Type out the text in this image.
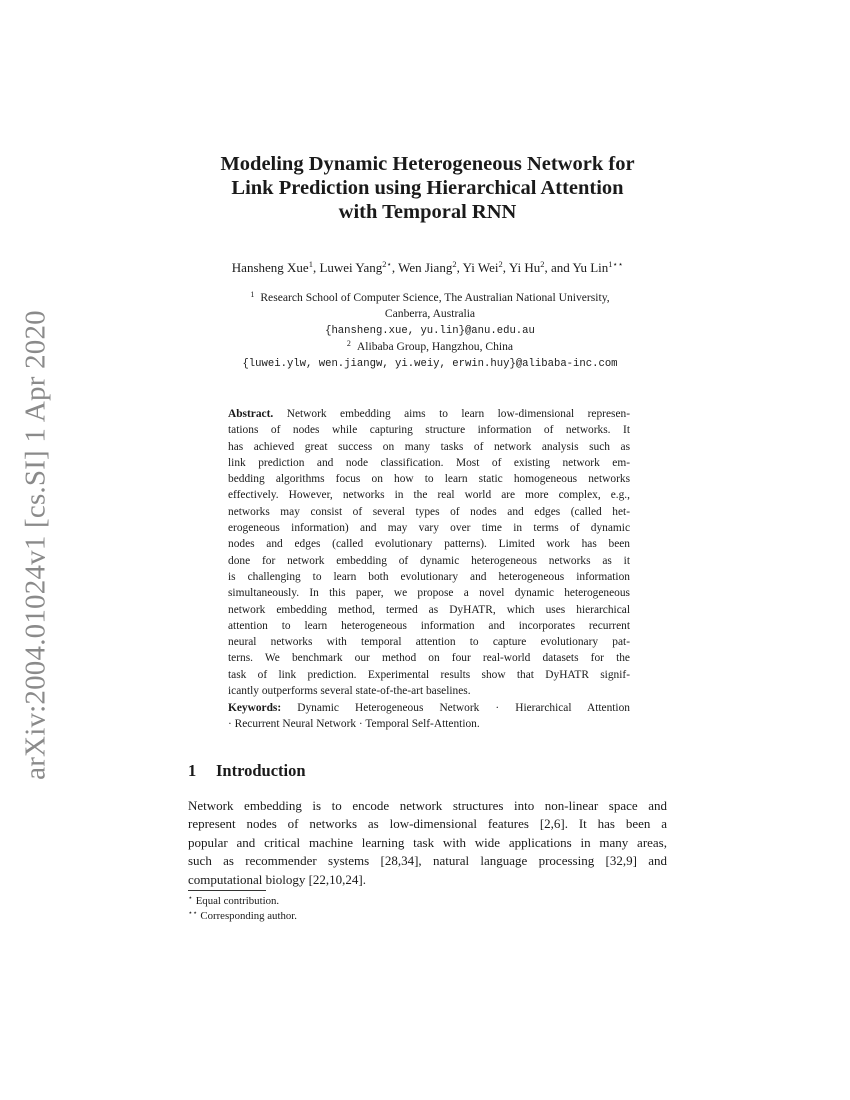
arXiv:2004.01024v1 [cs.SI] 1 Apr 2020
Modeling Dynamic Heterogeneous Network for
Link Prediction using Hierarchical Attention
with Temporal RNN
Hansheng Xue$^1$, Luwei Yang$^{2⋆}$, Wen Jiang$^2$, Yi Wei$^2$, Yi Hu$^2$, and Yu Lin$^{1⋆⋆}$
$^1$ Research School of Computer Science, The Australian National University,
Canberra, Australia
{hansheng.xue, yu.lin}@anu.edu.au
$^2$ Alibaba Group, Hangzhou, China
{luwei.ylw, wen.jiangw, yi.weiy, erwin.huy}@alibaba-inc.com
Abstract. Network embedding aims to learn low-dimensional represen-
tations of nodes while capturing structure information of networks. It
has achieved great success on many tasks of network analysis such as
link prediction and node classification. Most of existing network em-
bedding algorithms focus on how to learn static homogeneous networks
effectively. However, networks in the real world are more complex, e.g.,
networks may consist of several types of nodes and edges (called het-
erogeneous information) and may vary over time in terms of dynamic
nodes and edges (called evolutionary patterns). Limited work has been
done for network embedding of dynamic heterogeneous networks as it
is challenging to learn both evolutionary and heterogeneous information
simultaneously. In this paper, we propose a novel dynamic heterogeneous
network embedding method, termed as DyHATR, which uses hierarchical
attention to learn heterogeneous information and incorporates recurrent
neural networks with temporal attention to capture evolutionary pat-
terns. We benchmark our method on four real-world datasets for the
task of link prediction. Experimental results show that DyHATR signif-
icantly outperforms several state-of-the-art baselines.
Keywords: Dynamic Heterogeneous Network · Hierarchical Attention
· Recurrent Neural Network · Temporal Self-Attention.
1 Introduction
Network embedding is to encode network structures into non-linear space and
represent nodes of networks as low-dimensional features [2,6]. It has been a
popular and critical machine learning task with wide applications in many areas,
such as recommender systems [28,34], natural language processing [32,9] and
computational biology [22,10,24].
⋆ Equal contribution.
⋆⋆ Corresponding author.
